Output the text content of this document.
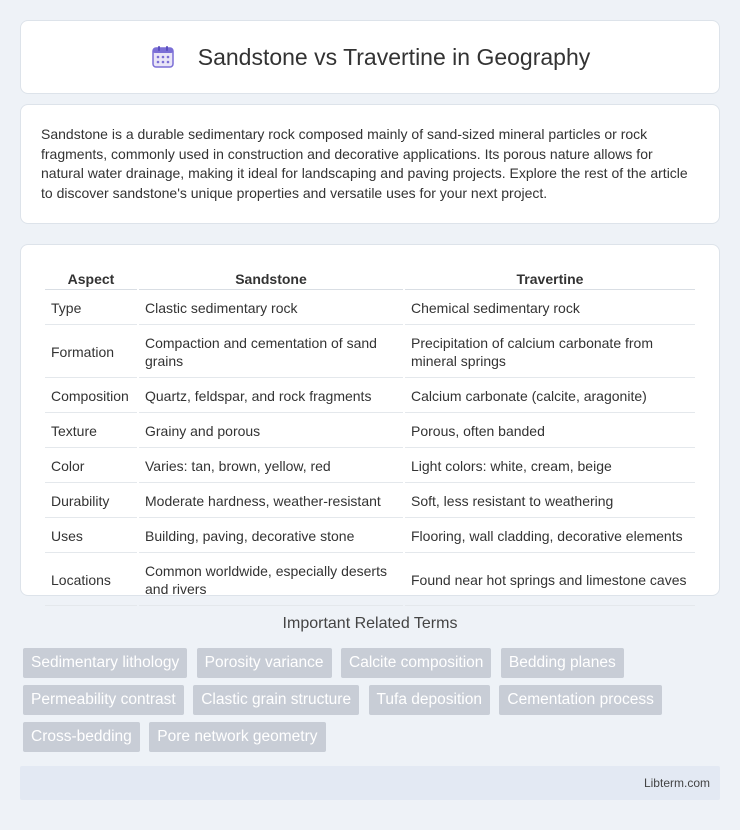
Sandstone vs Travertine in Geography

Sandstone is a durable sedimentary rock composed mainly of sand-sized mineral particles or rock fragments, commonly used in construction and decorative applications. Its porous nature allows for natural water drainage, making it ideal for landscaping and paving projects. Explore the rest of the article to discover sandstone's unique properties and versatile uses for your next project.

Aspect	Sandstone	Travertine
Type	Clastic sedimentary rock	Chemical sedimentary rock
Formation	Compaction and cementation of sand grains	Precipitation of calcium carbonate from mineral springs
Composition	Quartz, feldspar, and rock fragments	Calcium carbonate (calcite, aragonite)
Texture	Grainy and porous	Porous, often banded
Color	Varies: tan, brown, yellow, red	Light colors: white, cream, beige
Durability	Moderate hardness, weather-resistant	Soft, less resistant to weathering
Uses	Building, paving, decorative stone	Flooring, wall cladding, decorative elements
Locations	Common worldwide, especially deserts and rivers	Found near hot springs and limestone caves
Important Related Terms
Sedimentary lithology Porosity variance Calcite composition Bedding planes Permeability contrast Clastic grain structure Tufa deposition Cementation process Cross-bedding Pore network geometry
Libterm.com
